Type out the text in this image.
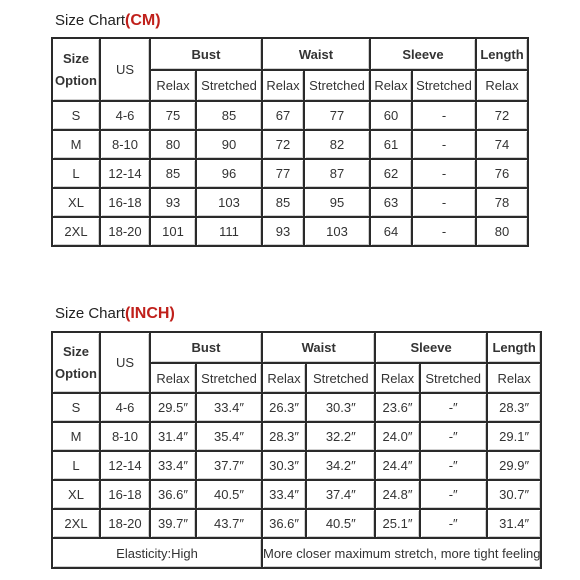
Size Chart(CM)
Size
Option	US	Bust		Waist		Sleeve		Length
		Relax	Stretched	Relax	Stretched	Relax	Stretched	Relax
S	4-6	75	85	67	77	60	-	72
M	8-10	80	90	72	82	61	-	74
L	12-14	85	96	77	87	62	-	76
XL	16-18	93	103	85	95	63	-	78
2XL	18-20	101	111	93	103	64	-	80
Size Chart(INCH)
Size
Option	US	Bust		Waist		Sleeve		Length
		Relax	Stretched	Relax	Stretched	Relax	Stretched	Relax
S	4-6	29.5″	33.4″	26.3″	30.3″	23.6″	-″	28.3″
M	8-10	31.4″	35.4″	28.3″	32.2″	24.0″	-″	29.1″
L	12-14	33.4″	37.7″	30.3″	34.2″	24.4″	-″	29.9″
XL	16-18	36.6″	40.5″	33.4″	37.4″	24.8″	-″	30.7″
2XL	18-20	39.7″	43.7″	36.6″	40.5″	25.1″	-″	31.4″
Elasticity:High				More closer maximum stretch, more tight feeling				
